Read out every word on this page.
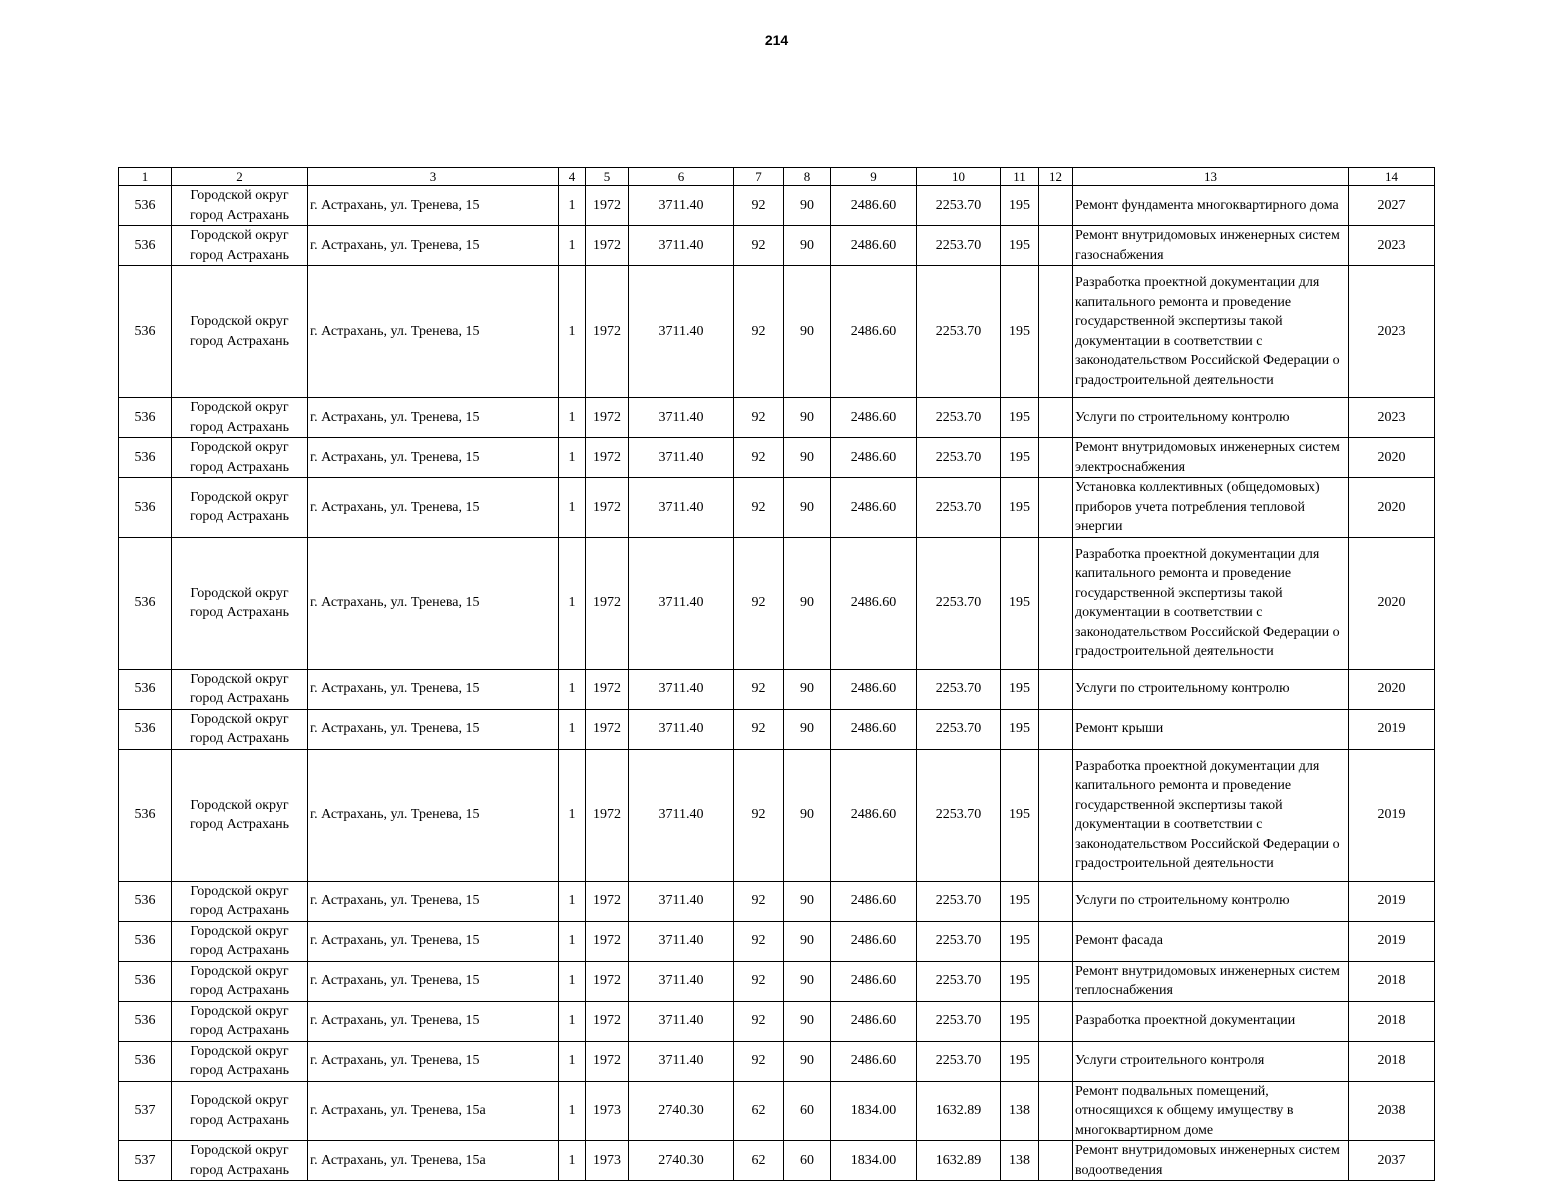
214
1	2	3	4	5	6	7	8	9	10	11	12	13	14
536	Городской округ город Астрахань	г. Астрахань, ул. Тренева, 15	1	1972	3711.40	92	90	2486.60	2253.70	195		Ремонт фундамента многоквартирного дома	2027
536	Городской округ город Астрахань	г. Астрахань, ул. Тренева, 15	1	1972	3711.40	92	90	2486.60	2253.70	195		Ремонт внутридомовых инженерных систем газоснабжения	2023
536	Городской округ город Астрахань	г. Астрахань, ул. Тренева, 15	1	1972	3711.40	92	90	2486.60	2253.70	195		Разработка проектной документации для капитального ремонта и проведение государственной экспертизы такой документации в соответствии с законодательством Российской Федерации о градостроительной деятельности	2023
536	Городской округ город Астрахань	г. Астрахань, ул. Тренева, 15	1	1972	3711.40	92	90	2486.60	2253.70	195		Услуги по строительному контролю	2023
536	Городской округ город Астрахань	г. Астрахань, ул. Тренева, 15	1	1972	3711.40	92	90	2486.60	2253.70	195		Ремонт внутридомовых инженерных систем электроснабжения	2020
536	Городской округ город Астрахань	г. Астрахань, ул. Тренева, 15	1	1972	3711.40	92	90	2486.60	2253.70	195		Установка коллективных (общедомовых) приборов учета потребления тепловой энергии	2020
536	Городской округ город Астрахань	г. Астрахань, ул. Тренева, 15	1	1972	3711.40	92	90	2486.60	2253.70	195		Разработка проектной документации для капитального ремонта и проведение государственной экспертизы такой документации в соответствии с законодательством Российской Федерации о градостроительной деятельности	2020
536	Городской округ город Астрахань	г. Астрахань, ул. Тренева, 15	1	1972	3711.40	92	90	2486.60	2253.70	195		Услуги по строительному контролю	2020
536	Городской округ город Астрахань	г. Астрахань, ул. Тренева, 15	1	1972	3711.40	92	90	2486.60	2253.70	195		Ремонт крыши	2019
536	Городской округ город Астрахань	г. Астрахань, ул. Тренева, 15	1	1972	3711.40	92	90	2486.60	2253.70	195		Разработка проектной документации для капитального ремонта и проведение государственной экспертизы такой документации в соответствии с законодательством Российской Федерации о градостроительной деятельности	2019
536	Городской округ город Астрахань	г. Астрахань, ул. Тренева, 15	1	1972	3711.40	92	90	2486.60	2253.70	195		Услуги по строительному контролю	2019
536	Городской округ город Астрахань	г. Астрахань, ул. Тренева, 15	1	1972	3711.40	92	90	2486.60	2253.70	195		Ремонт фасада	2019
536	Городской округ город Астрахань	г. Астрахань, ул. Тренева, 15	1	1972	3711.40	92	90	2486.60	2253.70	195		Ремонт внутридомовых инженерных систем теплоснабжения	2018
536	Городской округ город Астрахань	г. Астрахань, ул. Тренева, 15	1	1972	3711.40	92	90	2486.60	2253.70	195		Разработка проектной документации	2018
536	Городской округ город Астрахань	г. Астрахань, ул. Тренева, 15	1	1972	3711.40	92	90	2486.60	2253.70	195		Услуги строительного контроля	2018
537	Городской округ город Астрахань	г. Астрахань, ул. Тренева, 15а	1	1973	2740.30	62	60	1834.00	1632.89	138		Ремонт подвальных помещений, относящихся к общему имуществу в многоквартирном доме	2038
537	Городской округ город Астрахань	г. Астрахань, ул. Тренева, 15а	1	1973	2740.30	62	60	1834.00	1632.89	138		Ремонт внутридомовых инженерных систем водоотведения	2037
